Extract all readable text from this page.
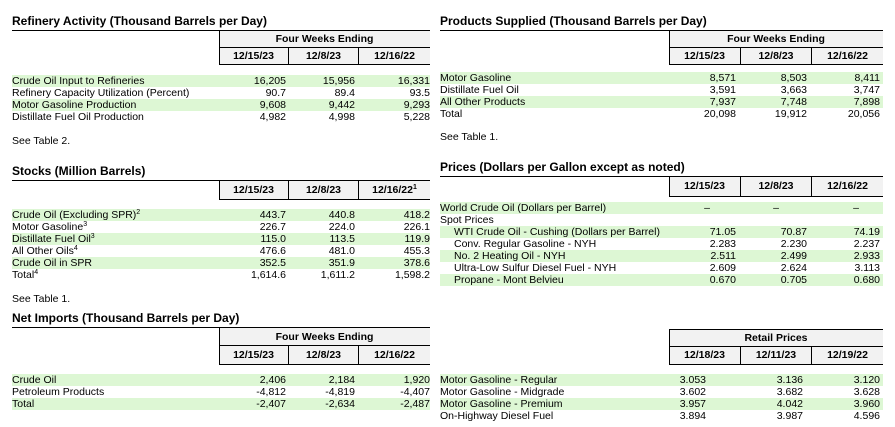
Refinery Activity (Thousand Barrels per Day)
Four Weeks Ending
12/15/23	12/8/23	12/16/22
Crude Oil Input to Refineries	16,205	15,956	16,331
Refinery Capacity Utilization (Percent)	90.7	89.4	93.5
Motor Gasoline Production	9,608	9,442	9,293
Distillate Fuel Oil Production	4,982	4,998	5,228
See Table 2.
Stocks (Million Barrels)
12/15/23	12/8/23	$12/16/22^1$
Crude Oil (Excluding SPR)$^2$	443.7	440.8	418.2
Motor Gasoline$^3$	226.7	224.0	226.1
Distillate Fuel Oil$^3$	115.0	113.5	119.9
All Other Oils$^4$	476.6	481.0	455.3
Crude Oil in SPR	352.5	351.9	378.6
Total$^4$	1,614.6	1,611.2	1,598.2
See Table 1.
Net Imports (Thousand Barrels per Day)
Four Weeks Ending
12/15/23	12/8/23	12/16/22
Crude Oil	2,406	2,184	1,920
Petroleum Products	-4,812	-4,819	-4,407
Total	-2,407	-2,634	-2,487
Products Supplied (Thousand Barrels per Day)
Four Weeks Ending
12/15/23	12/8/23	12/16/22
Motor Gasoline	8,571	8,503	8,411
Distillate Fuel Oil	3,591	3,663	3,747
All Other Products	7,937	7,748	7,898
Total	20,098	19,912	20,056
See Table 1.
Prices (Dollars per Gallon except as noted)
12/15/23	12/8/23	12/16/22
World Crude Oil (Dollars per Barrel)	–	–	–
Spot Prices
WTI Crude Oil - Cushing (Dollars per Barrel)	71.05	70.87	74.19
Conv. Regular Gasoline - NYH	2.283	2.230	2.237
No. 2 Heating Oil - NYH	2.511	2.499	2.933
Ultra-Low Sulfur Diesel Fuel - NYH	2.609	2.624	3.113
Propane - Mont Belvieu	0.670	0.705	0.680
Retail Prices
12/18/23	12/11/23	12/19/22
Motor Gasoline - Regular	3.053	3.136	3.120
Motor Gasoline - Midgrade	3.602	3.682	3.628
Motor Gasoline - Premium	3.957	4.042	3.960
On-Highway Diesel Fuel	3.894	3.987	4.596
